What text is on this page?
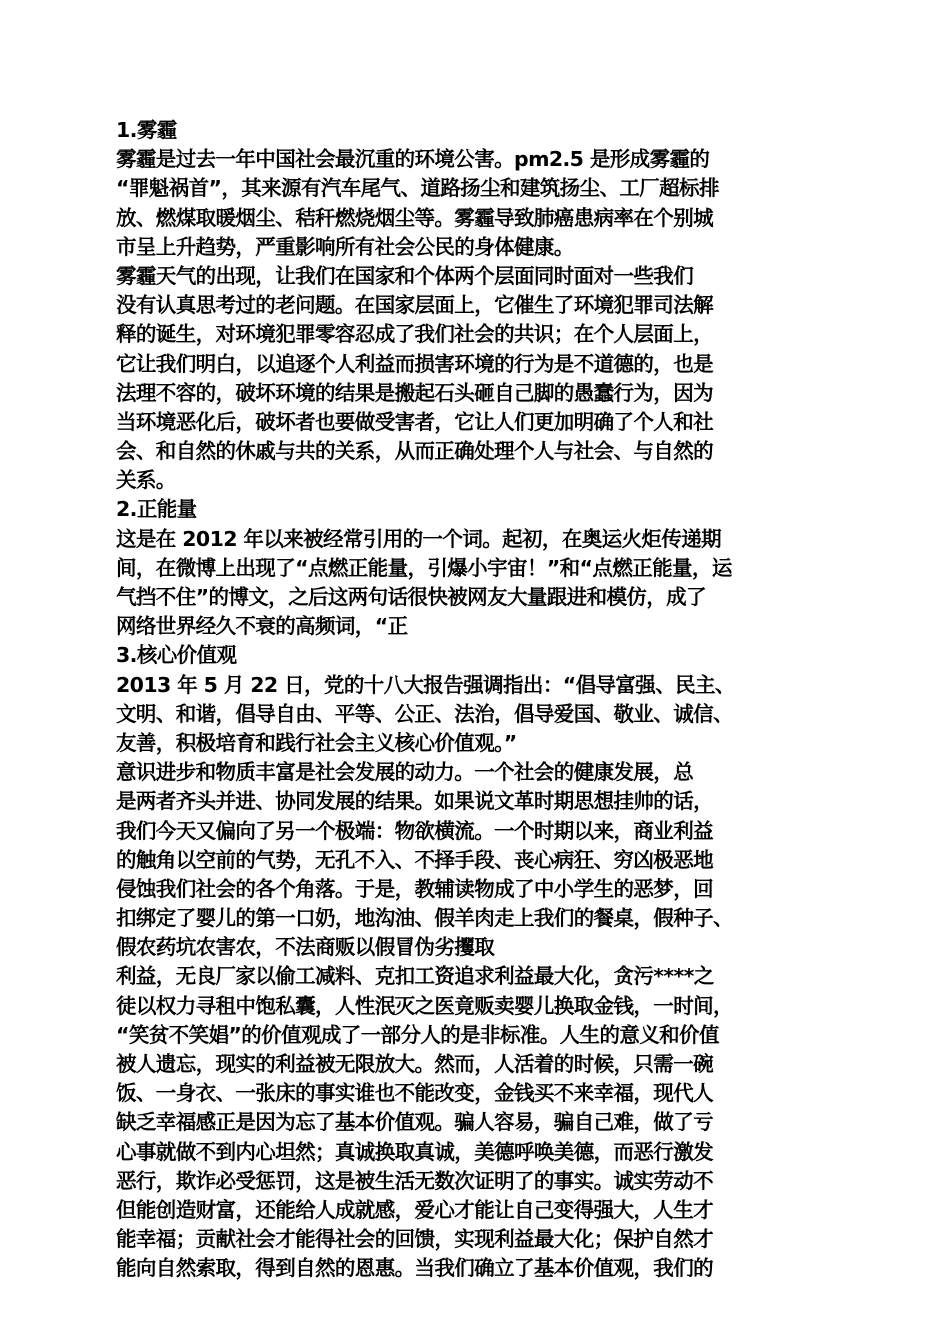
1.雾霾
雾霾是过去一年中国社会最沉重的环境公害。pm2.5 是形成雾霾的
“罪魁祸首”，其来源有汽车尾气、道路扬尘和建筑扬尘、工厂超标排
放、燃煤取暖烟尘、秸秆燃烧烟尘等。雾霾导致肺癌患病率在个别城
市呈上升趋势，严重影响所有社会公民的身体健康。
雾霾天气的出现，让我们在国家和个体两个层面同时面对一些我们
没有认真思考过的老问题。在国家层面上，它催生了环境犯罪司法解
释的诞生，对环境犯罪零容忍成了我们社会的共识；在个人层面上，
它让我们明白，以追逐个人利益而损害环境的行为是不道德的，也是
法理不容的，破坏环境的结果是搬起石头砸自己脚的愚蠢行为，因为
当环境恶化后，破坏者也要做受害者，它让人们更加明确了个人和社
会、和自然的休戚与共的关系，从而正确处理个人与社会、与自然的
关系。
2.正能量
这是在 2012 年以来被经常引用的一个词。起初，在奥运火炬传递期
间，在微博上出现了“点燃正能量，引爆小宇宙！”和“点燃正能量，运
气挡不住”的博文，之后这两句话很快被网友大量跟进和模仿，成了
网络世界经久不衰的高频词，“正
3.核心价值观
2013 年 5 月 22 日，党的十八大报告强调指出：“倡导富强、民主、
文明、和谐，倡导自由、平等、公正、法治，倡导爱国、敬业、诚信、
友善，积极培育和践行社会主义核心价值观。”
意识进步和物质丰富是社会发展的动力。一个社会的健康发展，总
是两者齐头并进、协同发展的结果。如果说文革时期思想挂帅的话，
我们今天又偏向了另一个极端：物欲横流。一个时期以来，商业利益
的触角以空前的气势，无孔不入、不择手段、丧心病狂、穷凶极恶地
侵蚀我们社会的各个角落。于是，教辅读物成了中小学生的恶梦，回
扣绑定了婴儿的第一口奶，地沟油、假羊肉走上我们的餐桌，假种子、
假农药坑农害农，不法商贩以假冒伪劣攫取
利益，无良厂家以偷工减料、克扣工资追求利益最大化，贪污****之
徒以权力寻租中饱私囊，人性泯灭之医竟贩卖婴儿换取金钱，一时间，
“笑贫不笑娼”的价值观成了一部分人的是非标准。人生的意义和价值
被人遗忘，现实的利益被无限放大。然而，人活着的时候，只需一碗
饭、一身衣、一张床的事实谁也不能改变，金钱买不来幸福，现代人
缺乏幸福感正是因为忘了基本价值观。骗人容易，骗自己难，做了亏
心事就做不到内心坦然；真诚换取真诚，美德呼唤美德，而恶行激发
恶行，欺诈必受惩罚，这是被生活无数次证明了的事实。诚实劳动不
但能创造财富，还能给人成就感，爱心才能让自己变得强大，人生才
能幸福；贡献社会才能得社会的回馈，实现利益最大化；保护自然才
能向自然索取，得到自然的恩惠。当我们确立了基本价值观，我们的
